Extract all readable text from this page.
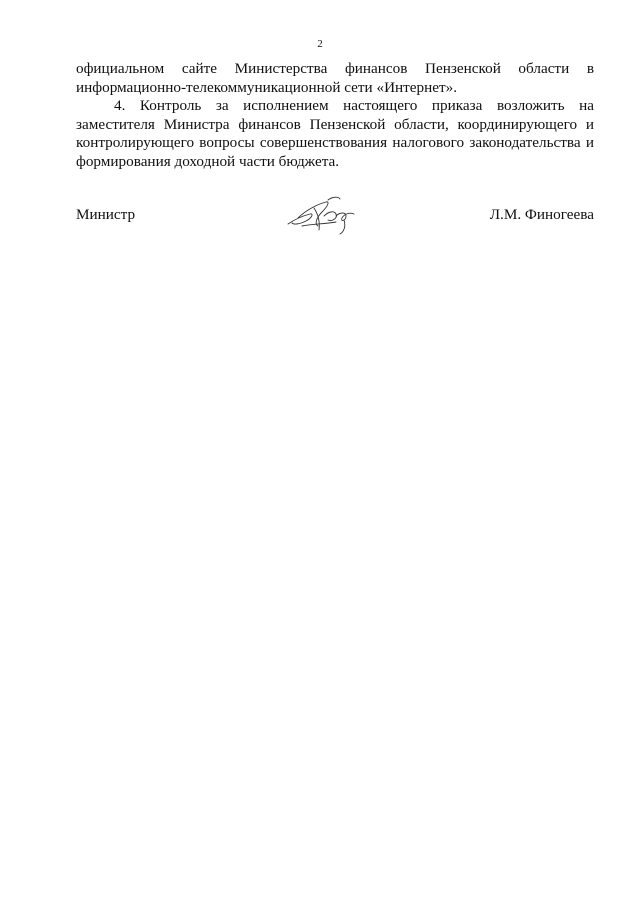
2

официальном сайте Министерства финансов Пензенской области в информационно-телекоммуникационной сети «Интернет».

4. Контроль за исполнением настоящего приказа возложить на заместителя Министра финансов Пензенской области, координирующего и контролирующего вопросы совершенствования налогового законодательства и формирования доходной части бюджета.

Министр	Л.М. Финогеева
